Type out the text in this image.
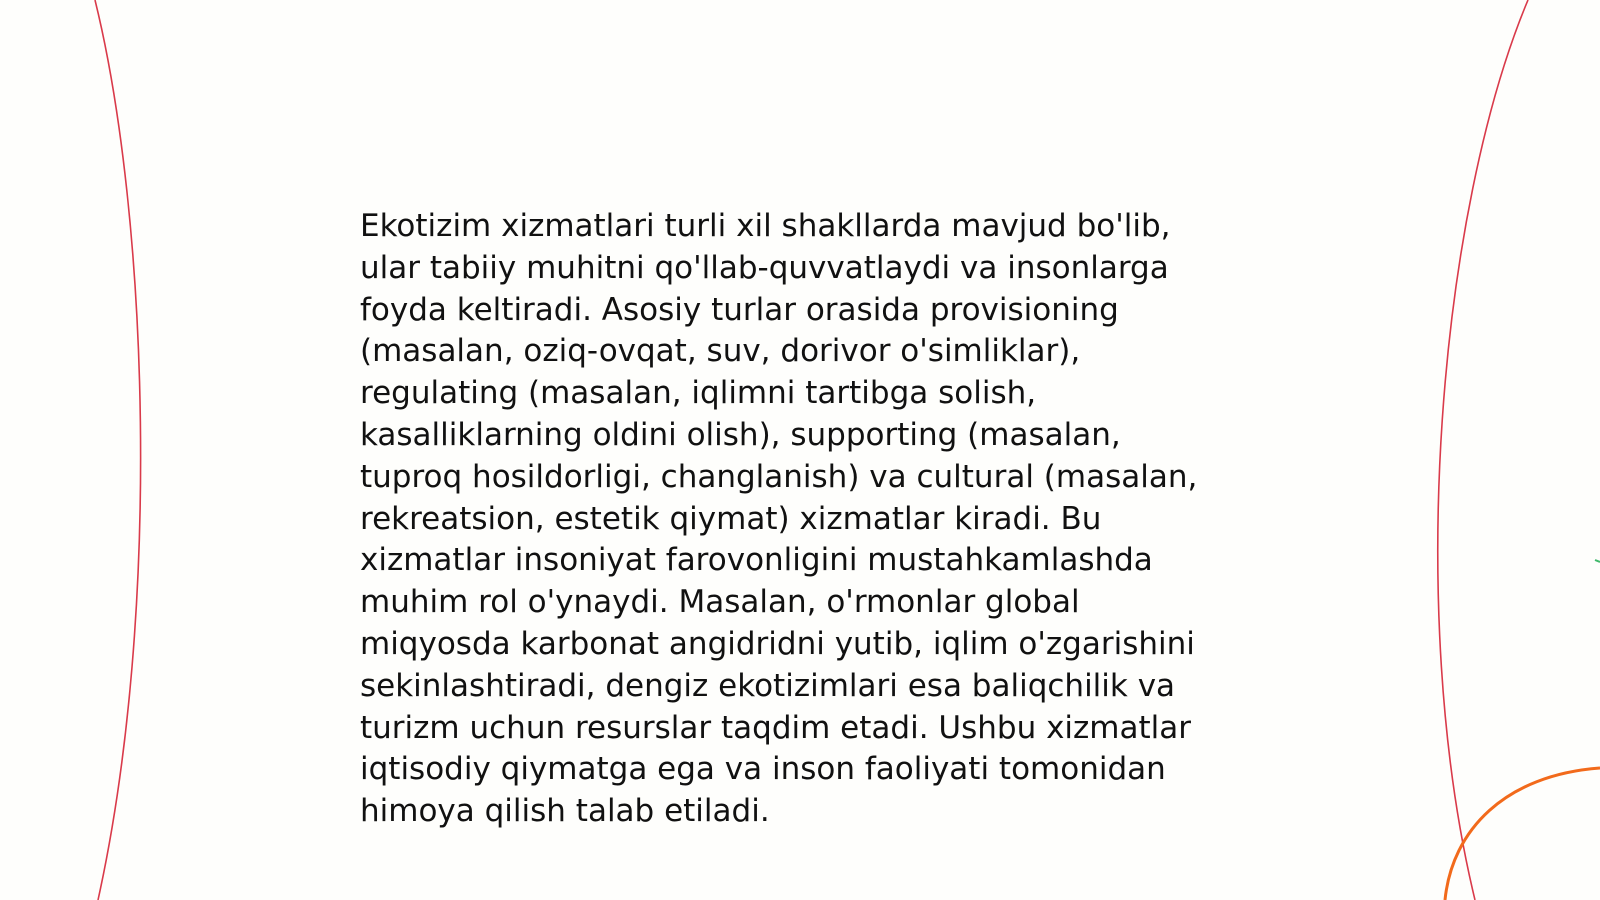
Ekotizim xizmatlari turli xil shakllarda mavjud bo'lib,
ular tabiiy muhitni qo'llab-quvvatlaydi va insonlarga
foyda keltiradi. Asosiy turlar orasida provisioning
(masalan, oziq-ovqat, suv, dorivor o'simliklar),
regulating (masalan, iqlimni tartibga solish,
kasalliklarning oldini olish), supporting (masalan,
tuproq hosildorligi, changlanish) va cultural (masalan,
rekreatsion, estetik qiymat) xizmatlar kiradi. Bu
xizmatlar insoniyat farovonligini mustahkamlashda
muhim rol o'ynaydi. Masalan, o'rmonlar global
miqyosda karbonat angidridni yutib, iqlim o'zgarishini
sekinlashtiradi, dengiz ekotizimlari esa baliqchilik va
turizm uchun resurslar taqdim etadi. Ushbu xizmatlar
iqtisodiy qiymatga ega va inson faoliyati tomonidan
himoya qilish talab etiladi.
